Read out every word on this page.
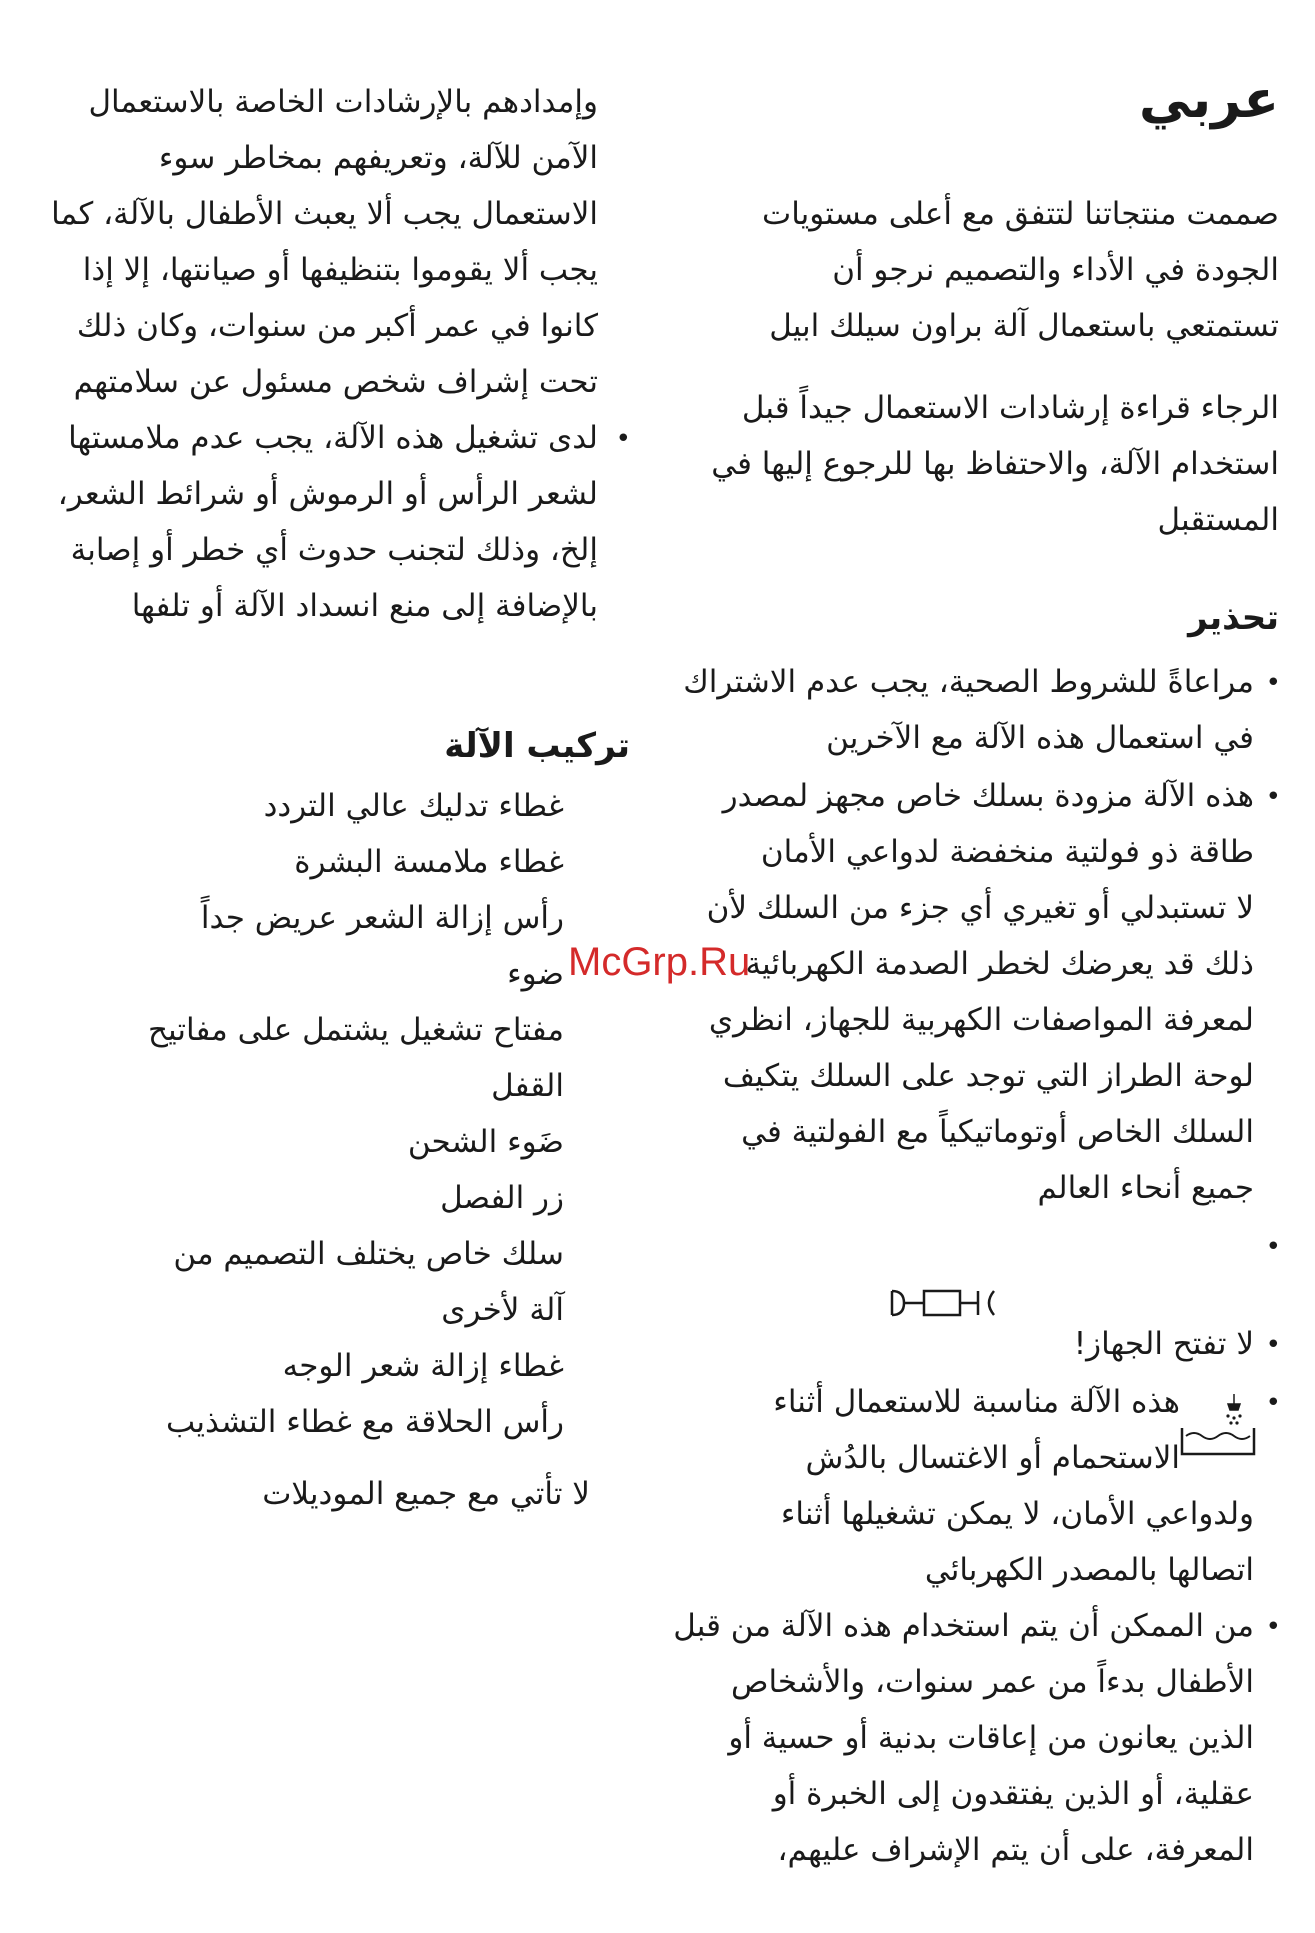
عربي
صممت منتجاتنا لتتفق مع أعلى مستويات
الجودة في الأداء والتصميم نرجو أن
تستمتعي باستعمال آلة براون سيلك ابيل
الرجاء قراءة إرشادات الاستعمال جيداً قبل
استخدام الآلة، والاحتفاظ بها للرجوع إليها في
المستقبل
تحذير
•
مراعاةً للشروط الصحية، يجب عدم الاشتراك
في استعمال هذه الآلة مع الآخرين
•
هذه الآلة مزودة بسلك خاص مجهز لمصدر
طاقة ذو فولتية منخفضة لدواعي الأمان
لا تستبدلي أو تغيري أي جزء من السلك لأن
ذلك قد يعرضك لخطر الصدمة الكهربائية
لمعرفة المواصفات الكهربية للجهاز، انظري
لوحة الطراز التي توجد على السلك يتكيف
السلك الخاص أوتوماتيكياً مع الفولتية في
جميع أنحاء العالم
•
•
لا تفتح الجهاز!
•
هذه الآلة مناسبة للاستعمال أثناء
الاستحمام أو الاغتسال بالدُش
ولدواعي الأمان، لا يمكن تشغيلها أثناء
اتصالها بالمصدر الكهربائي
•
من الممكن أن يتم استخدام هذه الآلة من قبل
الأطفال بدءاً من عمر سنوات، والأشخاص
الذين يعانون من إعاقات بدنية أو حسية أو
عقلية، أو الذين يفتقدون إلى الخبرة أو
المعرفة، على أن يتم الإشراف عليهم،
وإمدادهم بالإرشادات الخاصة بالاستعمال
الآمن للآلة، وتعريفهم بمخاطر سوء
الاستعمال يجب ألا يعبث الأطفال بالآلة، كما
يجب ألا يقوموا بتنظيفها أو صيانتها، إلا إذا
كانوا في عمر أكبر من سنوات، وكان ذلك
تحت إشراف شخص مسئول عن سلامتهم
•
لدى تشغيل هذه الآلة، يجب عدم ملامستها
لشعر الرأس أو الرموش أو شرائط الشعر،
إلخ، وذلك لتجنب حدوث أي خطر أو إصابة
بالإضافة إلى منع انسداد الآلة أو تلفها
تركيب الآلة
غطاء تدليك عالي التردد
غطاء ملامسة البشرة
رأس إزالة الشعر عريض جداً
ضوء
مفتاح تشغيل يشتمل على مفاتيح
القفل
ضَوء الشحن
زر الفصل
سلك خاص يختلف التصميم من
آلة لأخرى
غطاء إزالة شعر الوجه
رأس الحلاقة مع غطاء التشذيب
لا تأتي مع جميع الموديلات
McGrp.Ru
